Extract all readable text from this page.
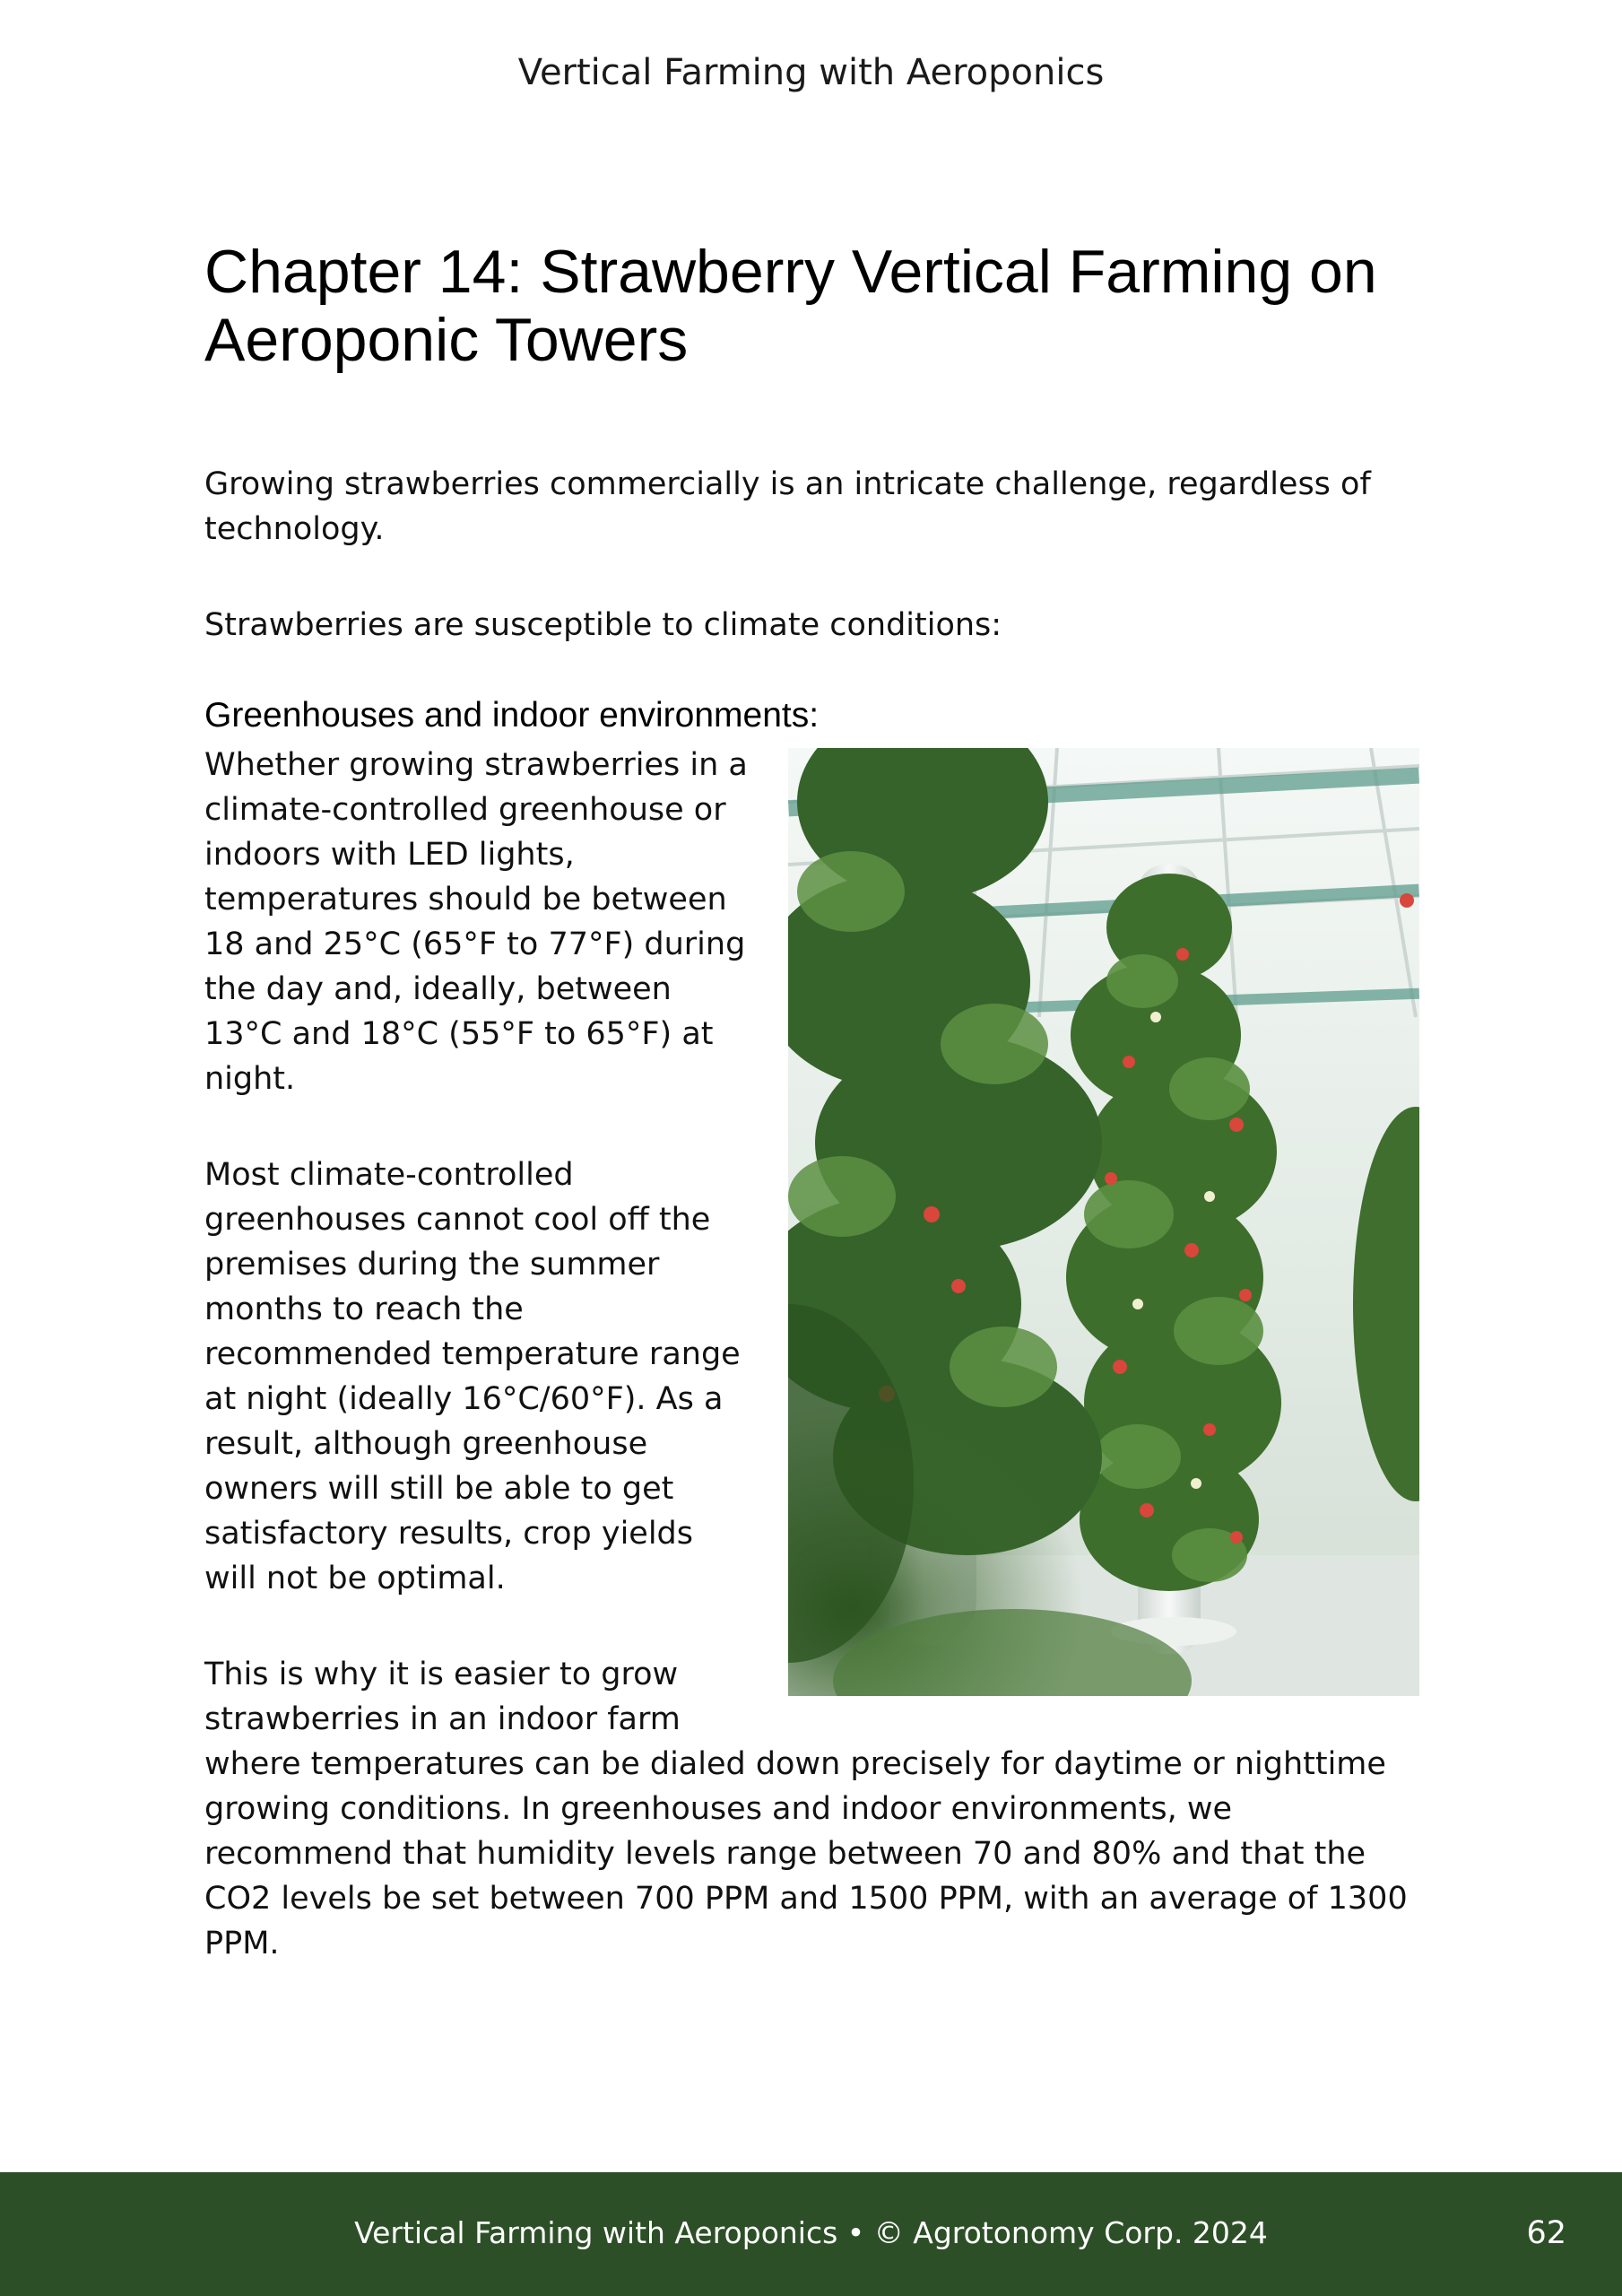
Vertical Farming with Aeroponics
Chapter 14: Strawberry Vertical Farming on Aeroponic Towers

Growing strawberries commercially is an intricate challenge, regardless of technology.

Strawberries are susceptible to climate conditions:

Greenhouses and indoor environments:

Whether growing strawberries in a climate-controlled greenhouse or indoors with LED lights, temperatures should be between 18 and 25°C (65°F to 77°F) during the day and, ideally, between 13°C and 18°C (55°F to 65°F) at night.

Most climate-controlled greenhouses cannot cool off the premises during the summer months to reach the recommended temperature range at night (ideally 16°C/60°F). As a result, although greenhouse owners will still be able to get satisfactory results, crop yields will not be optimal.

This is why it is easier to grow strawberries in an indoor farm where temperatures can be dialed down precisely for daytime or nighttime growing conditions. In greenhouses and indoor environments, we recommend that humidity levels range between 70 and 80% and that the CO2 levels be set between 700 PPM and 1500 PPM, with an average of 1300 PPM.

Vertical Farming with Aeroponics • © Agrotonomy Corp. 2024	62
